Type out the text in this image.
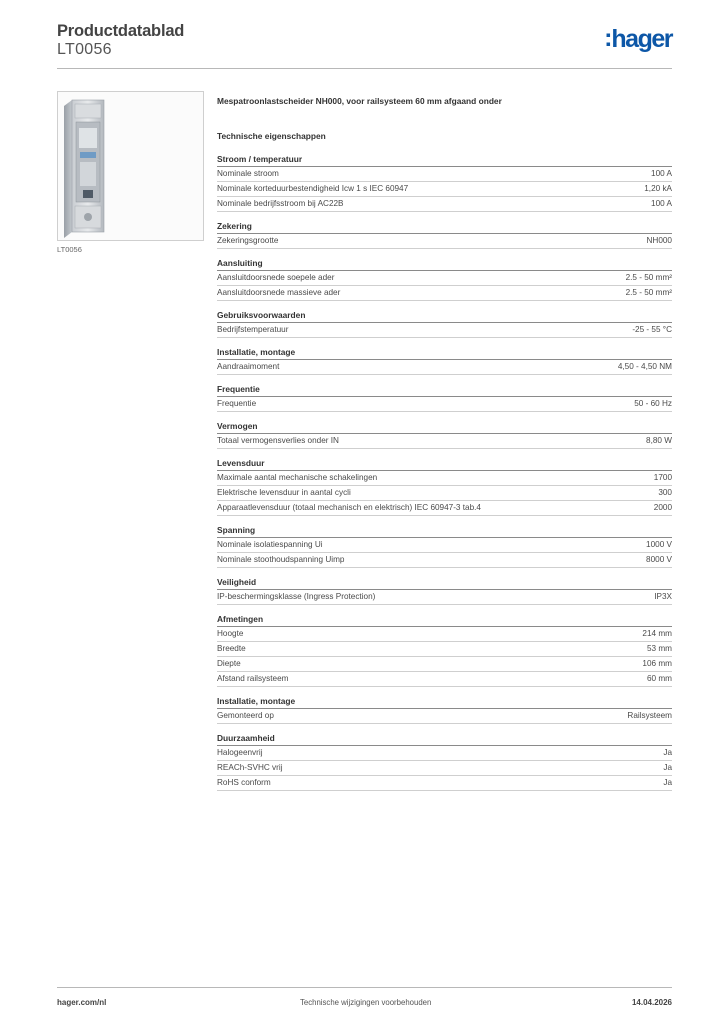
Productdatablad
LT0056	:hager
LT0056
Mespatroonlastscheider NH000, voor railsysteem 60 mm afgaand onder
Technische eigenschappen
Stroom / temperatuur
Nominale stroom	100 A
Nominale korteduurbestendigheid Icw 1 s IEC 60947	1,20 kA
Nominale bedrijfsstroom bij AC22B	100 A
Zekering
Zekeringsgrootte	NH000
Aansluiting
Aansluitdoorsnede soepele ader	2.5 - 50 mm²
Aansluitdoorsnede massieve ader	2.5 - 50 mm²
Gebruiksvoorwaarden
Bedrijfstemperatuur	-25 - 55 °C
Installatie, montage
Aandraaimoment	4,50 - 4,50 NM
Frequentie
Frequentie	50 - 60 Hz
Vermogen
Totaal vermogensverlies onder IN	8,80 W
Levensduur
Maximale aantal mechanische schakelingen	1700
Elektrische levensduur in aantal cycli	300
Apparaatlevensduur (totaal mechanisch en elektrisch) IEC 60947-3 tab.4	2000
Spanning
Nominale isolatiespanning Ui	1000 V
Nominale stoothoudspanning Uimp	8000 V
Veiligheid
IP-beschermingsklasse (Ingress Protection)	IP3X
Afmetingen
Hoogte	214 mm
Breedte	53 mm
Diepte	106 mm
Afstand railsysteem	60 mm
Installatie, montage
Gemonteerd op	Railsysteem
Duurzaamheid
Halogeenvrij	Ja
REACh-SVHC vrij	Ja
RoHS conform	Ja
hager.com/nl	Technische wijzigingen voorbehouden	14.04.2026
